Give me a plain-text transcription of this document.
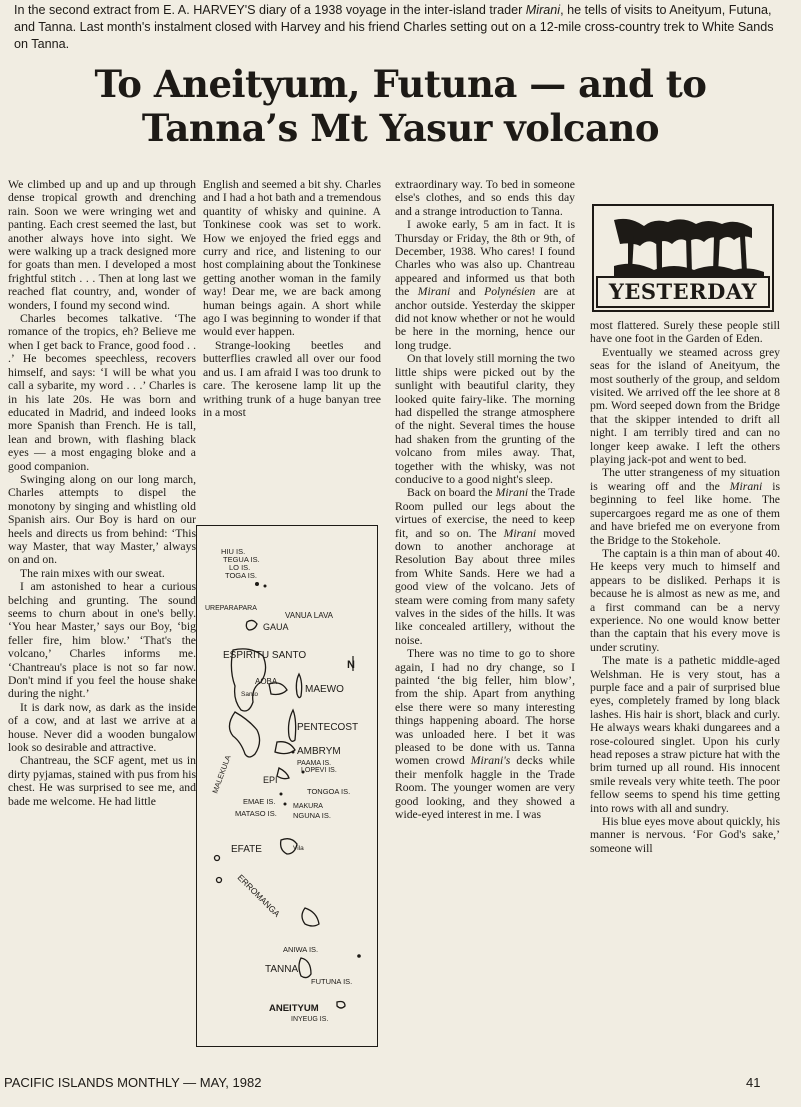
In the second extract from E. A. HARVEY'S diary of a 1938 voyage in the inter-island trader Mirani, he tells of visits to Aneityum, Futuna, and Tanna. Last month's instalment closed with Harvey and his friend Charles setting out on a 12-mile cross-country trek to White Sands on Tanna.

To Aneityum, Futuna — and to
Tanna’s Mt Yasur volcano

We climbed up and up and up through dense tropical growth and drenching rain. Soon we were wringing wet and panting. Each crest seemed the last, but another always hove into sight. We were walking up a track designed more for goats than men. I developed a most frightful stitch . . . Then at long last we reached flat country, and, wonder of wonders, I found my second wind.

Charles becomes talkative. ‘The romance of the tropics, eh? Believe me when I get back to France, good food . . .’ He becomes speechless, recovers himself, and says: ‘I will be what you call a sybarite, my word . . .’ Charles is in his late 20s. He was born and educated in Madrid, and indeed looks more Spanish than French. He is tall, lean and brown, with flashing black eyes — a most engaging bloke and a good companion.

Swinging along on our long march, Charles attempts to dispel the monotony by singing and whistling old Spanish airs. Our Boy is hard on our heels and directs us from behind: ‘This way Master, that way Master,’ always on and on.

The rain mixes with our sweat.

I am astonished to hear a curious belching and grunting. The sound seems to churn about in one's belly. ‘You hear Master,’ says our Boy, ‘big feller fire, him blow.’ ‘That's the volcano,’ Charles informs me. ‘Chantreau's place is not so far now. Don't mind if you feel the house shake during the night.’

It is dark now, as dark as the inside of a cow, and at last we arrive at a house. Never did a wooden bungalow look so desirable and attractive.

Chantreau, the SCF agent, met us in dirty pyjamas, stained with pus from his chest. He was surprised to see me, and bade me welcome. He had little

English and seemed a bit shy. Charles and I had a hot bath and a tremendous quantity of whisky and quinine. A Tonkinese cook was set to work. How we enjoyed the fried eggs and curry and rice, and listening to our host complaining about the Tonkinese getting another woman in the family way! Dear me, we are back among human beings again. A short while ago I was beginning to wonder if that would ever happen.

Strange-looking beetles and butterflies crawled all over our food and us. I am afraid I was too drunk to care. The kerosene lamp lit up the writhing trunk of a huge banyan tree in a most

extraordinary way. To bed in someone else's clothes, and so ends this day and a strange introduction to Tanna.

I awoke early, 5 am in fact. It is Thursday or Friday, the 8th or 9th, of December, 1938. Who cares! I found Charles who was also up. Chantreau appeared and informed us that both the Mirani and Polynésien are at anchor outside. Yesterday the skipper did not know whether or not he would be here in the morning, hence our long trudge.

On that lovely still morning the two little ships were picked out by the sunlight with beautiful clarity, they looked quite fairy-like. The morning had dispelled the strange atmosphere of the night. Several times the house had shaken from the grunting of the volcano from miles away. That, together with the whisky, was not conducive to a good night's sleep.

Back on board the Mirani the Trade Room pulled our legs about the virtues of exercise, the need to keep fit, and so on. The Mirani moved down to another anchorage at Resolution Bay about three miles from White Sands. Here we had a good view of the volcano. Jets of steam were coming from many safety valves in the sides of the hills. It was like concealed artillery, without the noise.

There was no time to go to shore again, I had no dry change, so I painted ‘the big feller, him blow’, from the ship. Apart from anything else there were so many interesting things happening aboard. The horse was unloaded here. I bet it was pleased to be done with us. Tanna women crowd Mirani's decks while their menfolk haggle in the Trade Room. The younger women are very good looking, and they showed a wide-eyed interest in me. I was

YESTERDAY

most flattered. Surely these people still have one foot in the Garden of Eden.

Eventually we steamed across grey seas for the island of Aneityum, the most southerly of the group, and seldom visited. We arrived off the lee shore at 8 pm. Word seeped down from the Bridge that the skipper intended to drift all night. I am terribly tired and can no longer keep awake. I left the others playing jack-pot and went to bed.

The utter strangeness of my situation is wearing off and the Mirani is beginning to feel like home. The supercargoes regard me as one of them and have briefed me on everyone from the Bridge to the Stokehole.

The captain is a thin man of about 40. He keeps very much to himself and appears to be disliked. Perhaps it is because he is almost as new as me, and a first command can be a nervy experience. No one would know better than the captain that his every move is under scrutiny.

The mate is a pathetic middle-aged Welshman. He is very stout, has a purple face and a pair of surprised blue eyes, completely framed by long black lashes. His hair is short, black and curly. He always wears khaki dungarees and a rose-coloured singlet. Upon his curly head reposes a straw picture hat with the brim turned up all round. His innocent smile reveals very white teeth. The poor fellow seems to spend his time getting into rows with all and sundry.

His blue eyes move about quickly, his manner is nervous. ‘For God's sake,’ someone will

N
HIU IS.
TEGUA IS.
LO IS.
TOGA IS.
UREPARAPARA
VANUA LAVA
GAUA
ESPIRITU SANTO
AOBA
Santo	MAEWO
PENTECOST
MALEKULA
AMBRYM
PAAMA IS.
LOPEVI IS.
EPI
TONGOA IS.
EMAE IS.
MAKURA
MATASO IS. NGUNA IS.
EFATE	Vila
ERROMANGA
ANIWA IS.
TANNA
FUTUNA IS.
ANEITYUM
INYEUG IS.
PACIFIC ISLANDS MONTHLY — MAY, 1982	41
